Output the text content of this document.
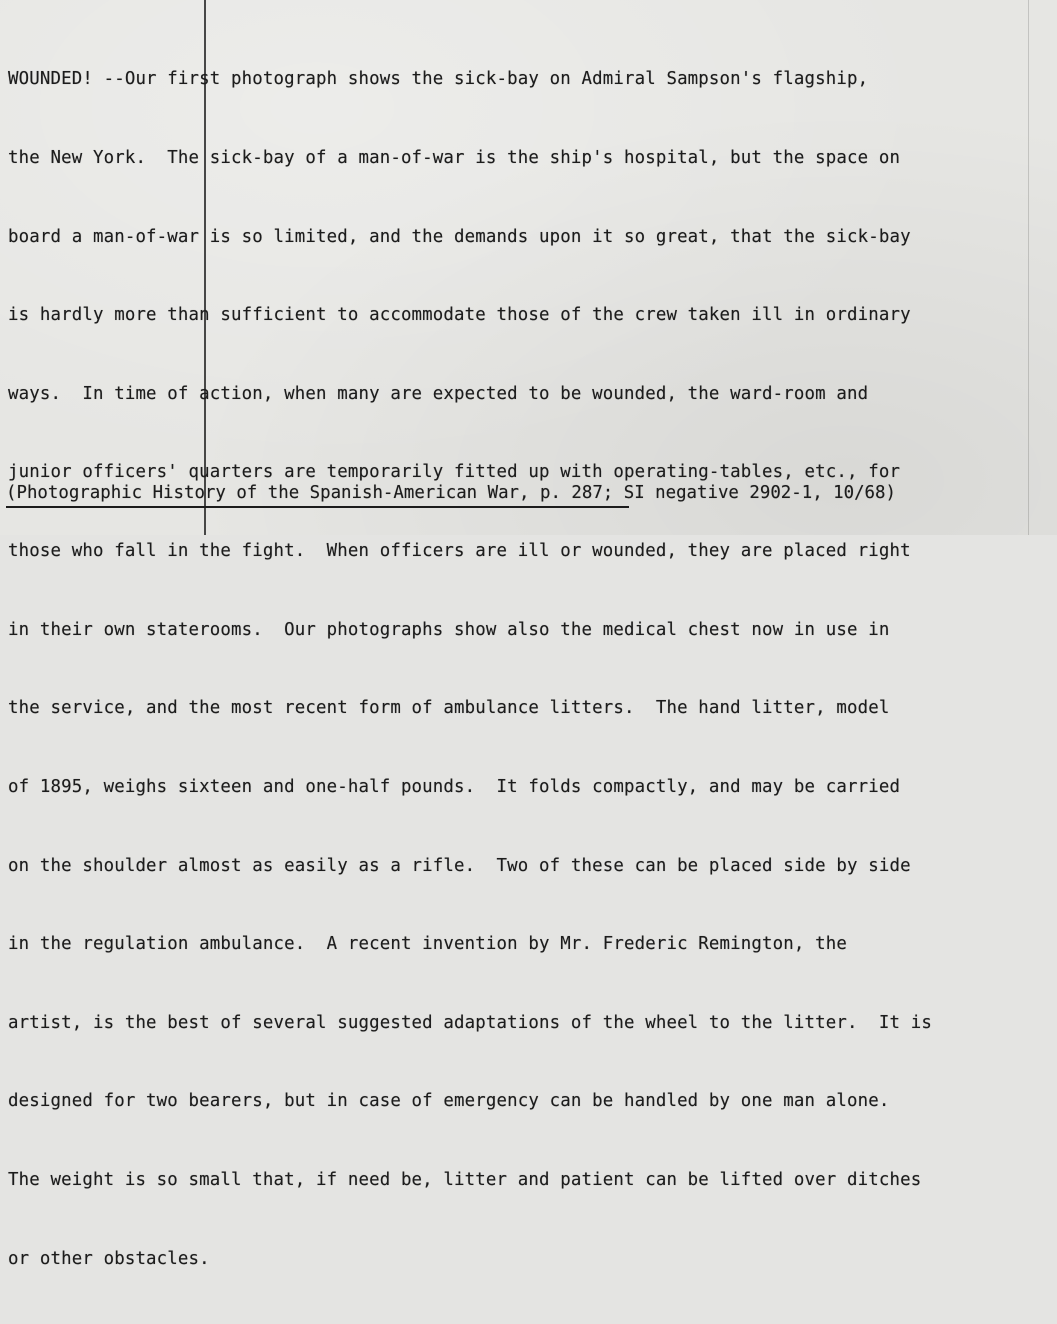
WOUNDED! --Our first photograph shows the sick-bay on Admiral Sampson's flagship,

the New York.  The sick-bay of a man-of-war is the ship's hospital, but the space on

board a man-of-war is so limited, and the demands upon it so great, that the sick-bay

is hardly more than sufficient to accommodate those of the crew taken ill in ordinary

ways.  In time of action, when many are expected to be wounded, the ward-room and

junior officers' quarters are temporarily fitted up with operating-tables, etc., for

those who fall in the fight.  When officers are ill or wounded, they are placed right

in their own staterooms.  Our photographs show also the medical chest now in use in

the service, and the most recent form of ambulance litters.  The hand litter, model

of 1895, weighs sixteen and one-half pounds.  It folds compactly, and may be carried

on the shoulder almost as easily as a rifle.  Two of these can be placed side by side

in the regulation ambulance.  A recent invention by Mr. Frederic Remington, the

artist, is the best of several suggested adaptations of the wheel to the litter.  It is

designed for two bearers, but in case of emergency can be handled by one man alone.

The weight is so small that, if need be, litter and patient can be lifted over ditches

or other obstacles.

(Photographic History of the Spanish-American War, p. 287; SI negative 2902-1, 10/68)
